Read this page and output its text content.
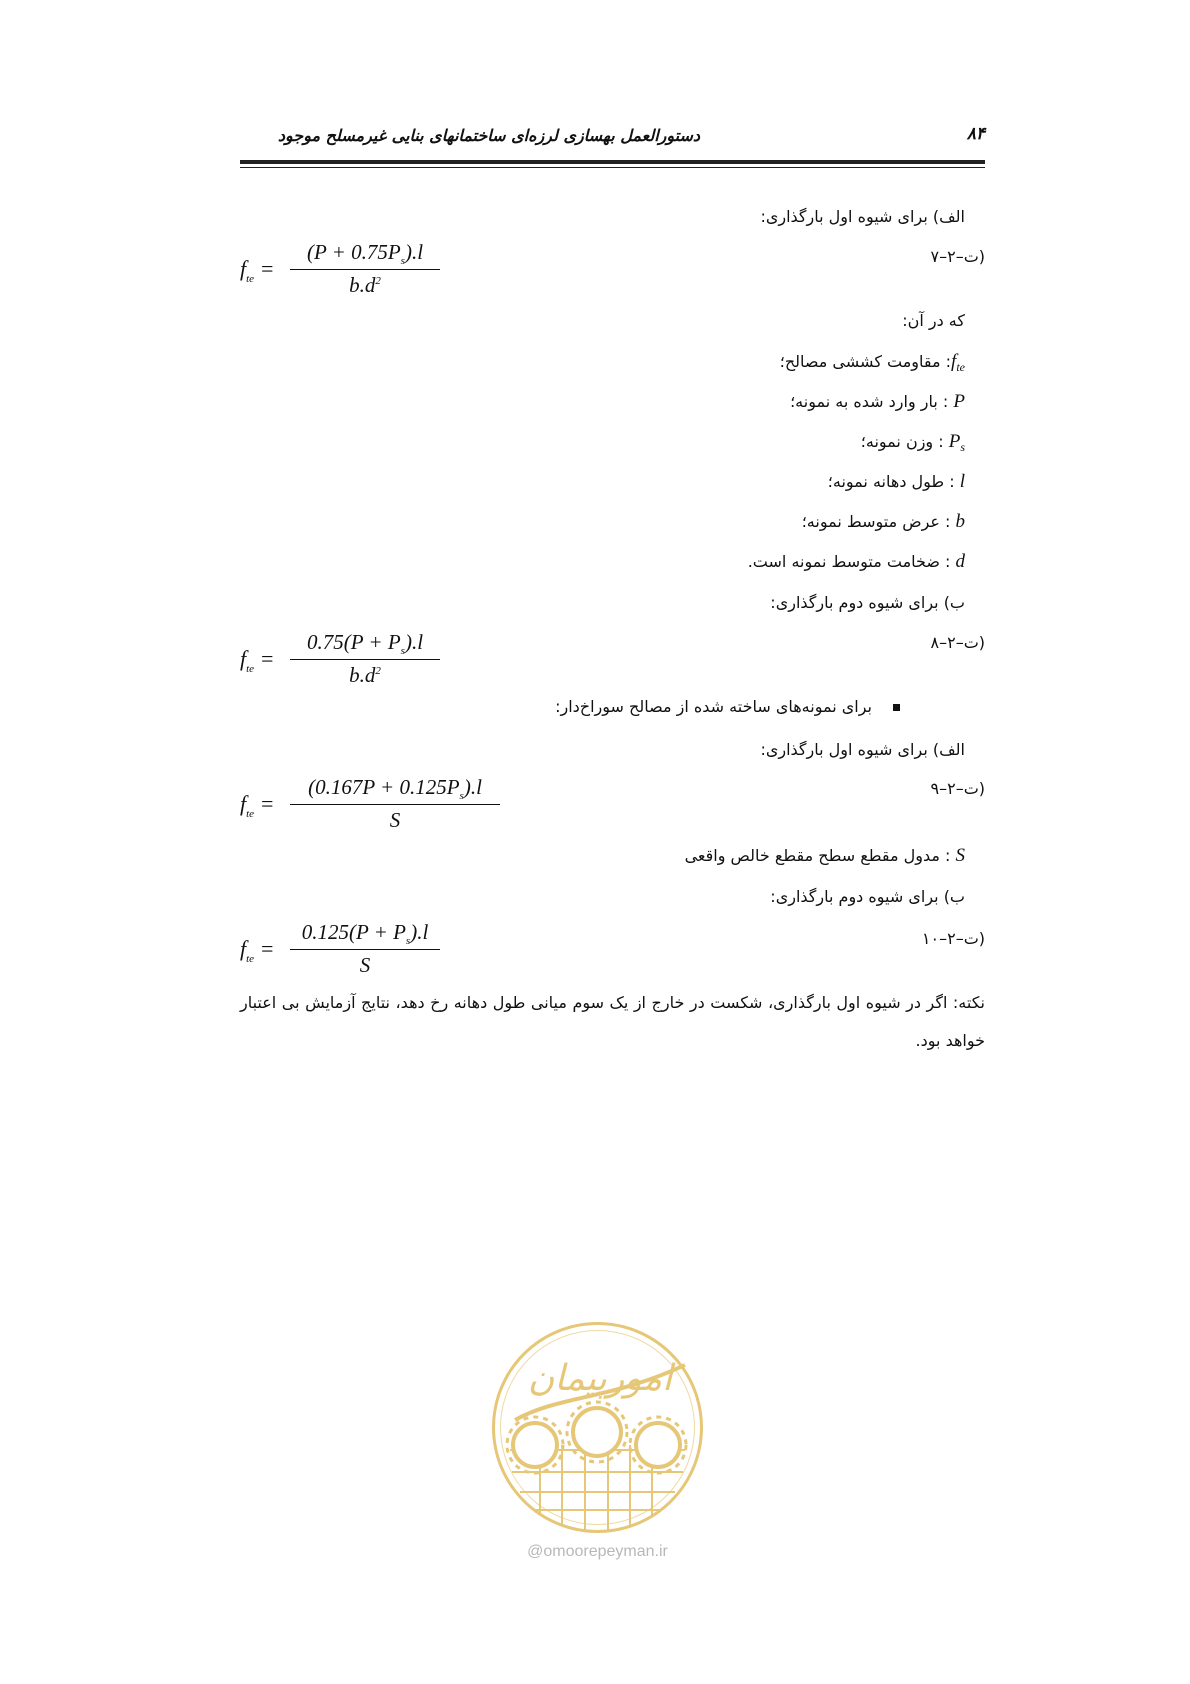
دستورالعمل بهسازی لرزه‌ای ساختمانهای بنایی غیرمسلح موجود	۸۴
الف) برای شیوه اول بارگذاری:
$f_{te}$ =
$(P + 0.75P_s).l$
$b.d^2$
(ت–۲–۷
که در آن:
$f_{te}$: مقاومت کششی مصالح؛
P : بار وارد شده به نمونه؛
$P_s$ : وزن نمونه؛
l : طول دهانه نمونه؛
b : عرض متوسط نمونه؛
d : ضخامت متوسط نمونه است.
ب) برای شیوه دوم بارگذاری:
$f_{te}$ =
$0.75(P + P_s).l$
$b.d^2$
(ت–۲–۸
برای نمونه‌های ساخته شده از مصالح سوراخ‌دار:
الف) برای شیوه اول بارگذاری:
$f_{te}$ =
$(0.167P + 0.125P_s).l$
S
(ت–۲–۹
S : مدول مقطع سطح مقطع خالص واقعی
ب) برای شیوه دوم بارگذاری:
$f_{te}$ =
$0.125(P + P_s).l$
S
(ت–۲–۱۰
نکته: اگر در شیوه اول بارگذاری، شکست در خارج از یک سوم میانی طول دهانه رخ دهد، نتایج آزمایش بی اعتبار خواهد بود.
امورپیمان
@omoorepeyman.ir
